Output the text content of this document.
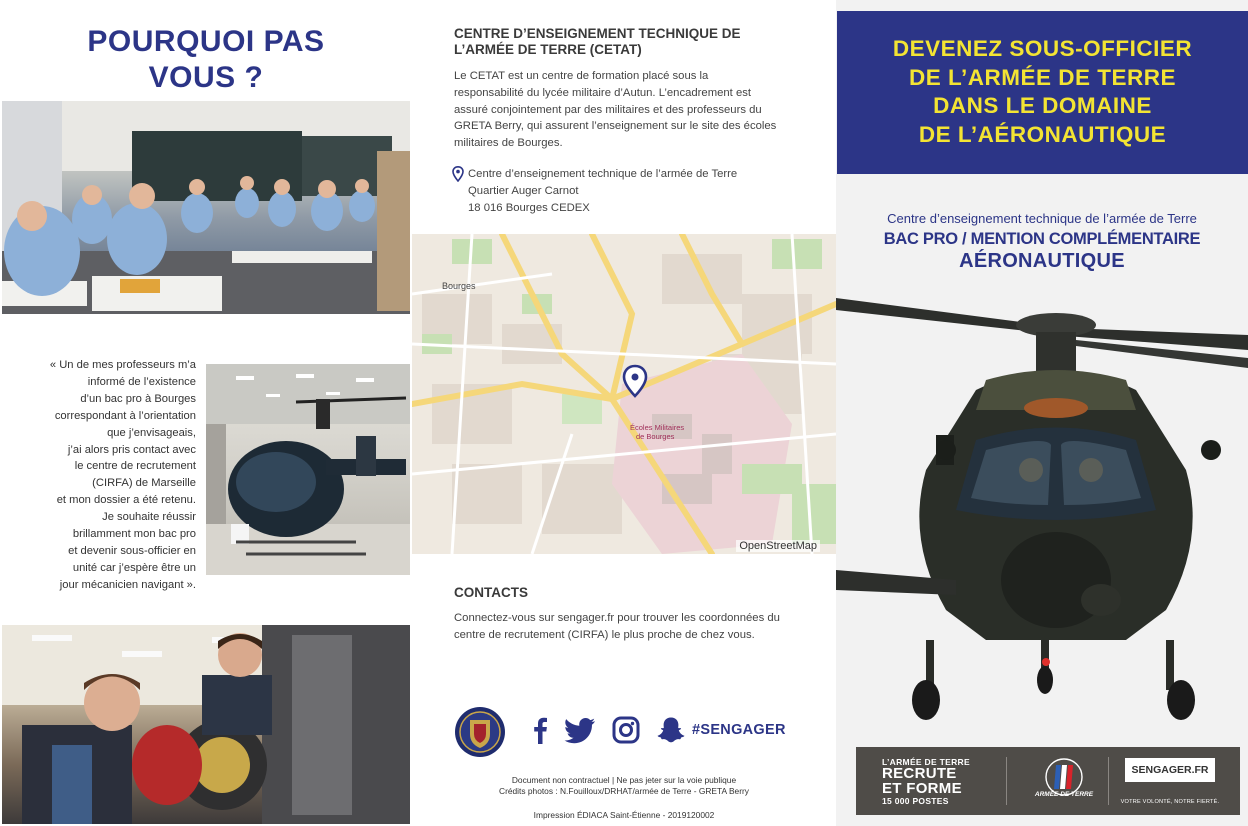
POURQUOI PAS
VOUS ?
« Un de mes professeurs m’a
informé de l’existence
d’un bac pro à Bourges
correspondant à l’orientation
que j’envisageais,
j’ai alors pris contact avec
le centre de recrutement
(CIRFA) de Marseille
et mon dossier a été retenu.
Je souhaite réussir
brillamment mon bac pro
et devenir sous-officier en
unité car j’espère être un
jour mécanicien navigant ».
CENTRE D’ENSEIGNEMENT TECHNIQUE DE
L’ARMÉE DE TERRE (CETAT)
Le CETAT est un centre de formation placé sous la
responsabilité du lycée militaire d’Autun. L’encadrement est
assuré conjointement par des militaires et des professeurs du
GRETA Berry, qui assurent l’enseignement sur le site des écoles
militaires de Bourges.
Centre d’enseignement technique de l’armée de Terre
Quartier Auger Carnot
18 016 Bourges CEDEX
Bourges
Écoles Militaires
de Bourges
OpenStreetMap
CONTACTS
Connectez-vous sur sengager.fr pour trouver les coordonnées du
centre de recrutement (CIRFA) le plus proche de chez vous.
#SENGAGER
Document non contractuel | Ne pas jeter sur la voie publique
Crédits photos : N.Fouilloux/DRHAT/armée de Terre - GRETA Berry
Impression ÉDIACA Saint-Étienne - 2019120002
DEVENEZ SOUS-OFFICIER
DE L’ARMÉE DE TERRE
DANS LE DOMAINE
DE L’AÉRONAUTIQUE
Centre d’enseignement technique de l’armée de Terre
BAC PRO / MENTION COMPLÉMENTAIRE
AÉRONAUTIQUE
L’ARMÉE DE TERRE
RECRUTE
ET FORME
15 000 POSTES
ARMÉE DE TERRE
SENGAGER.FR
VOTRE VOLONTÉ, NOTRE FIERTÉ.
